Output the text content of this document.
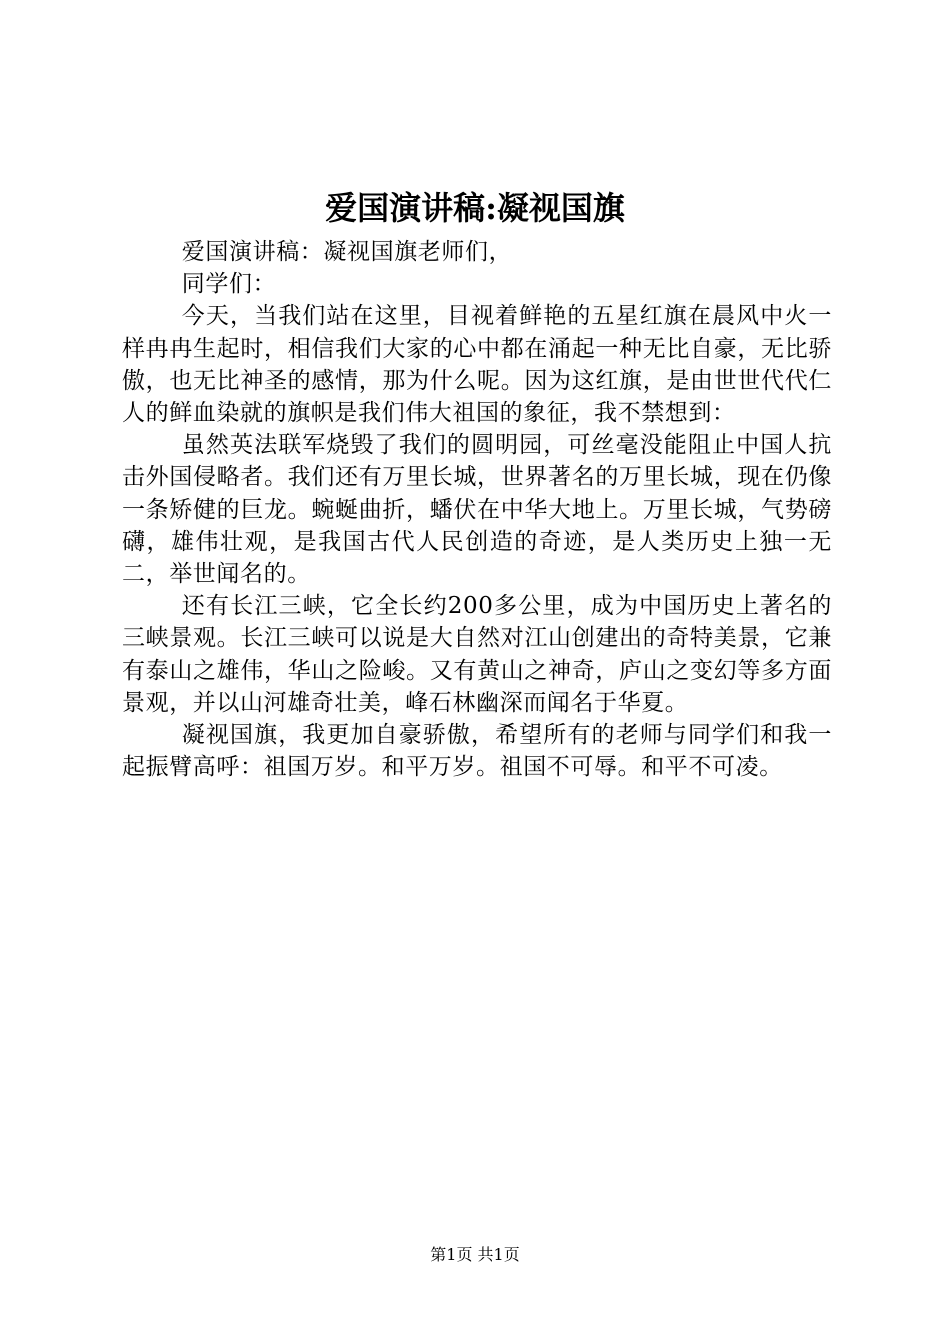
爱国演讲稿:凝视国旗

爱国演讲稿：凝视国旗老师们，

同学们：

今天，当我们站在这里，目视着鲜艳的五星红旗在晨风中火一样冉冉生起时，相信我们大家的心中都在涌起一种无比自豪，无比骄傲，也无比神圣的感情，那为什么呢。因为这红旗，是由世世代代仁人的鲜血染就的旗帜是我们伟大祖国的象征，我不禁想到：

虽然英法联军烧毁了我们的圆明园，可丝毫没能阻止中国人抗击外国侵略者。我们还有万里长城，世界著名的万里长城，现在仍像一条矫健的巨龙。蜿蜒曲折，蟠伏在中华大地上。万里长城，气势磅礴，雄伟壮观，是我国古代人民创造的奇迹，是人类历史上独一无二，举世闻名的。

还有长江三峡，它全长约200多公里，成为中国历史上著名的三峡景观。长江三峡可以说是大自然对江山创建出的奇特美景，它兼有泰山之雄伟，华山之险峻。又有黄山之神奇，庐山之变幻等多方面景观，并以山河雄奇壮美，峰石林幽深而闻名于华夏。

凝视国旗，我更加自豪骄傲，希望所有的老师与同学们和我一起振臂高呼：祖国万岁。和平万岁。祖国不可辱。和平不可凌。

第1页 共1页
